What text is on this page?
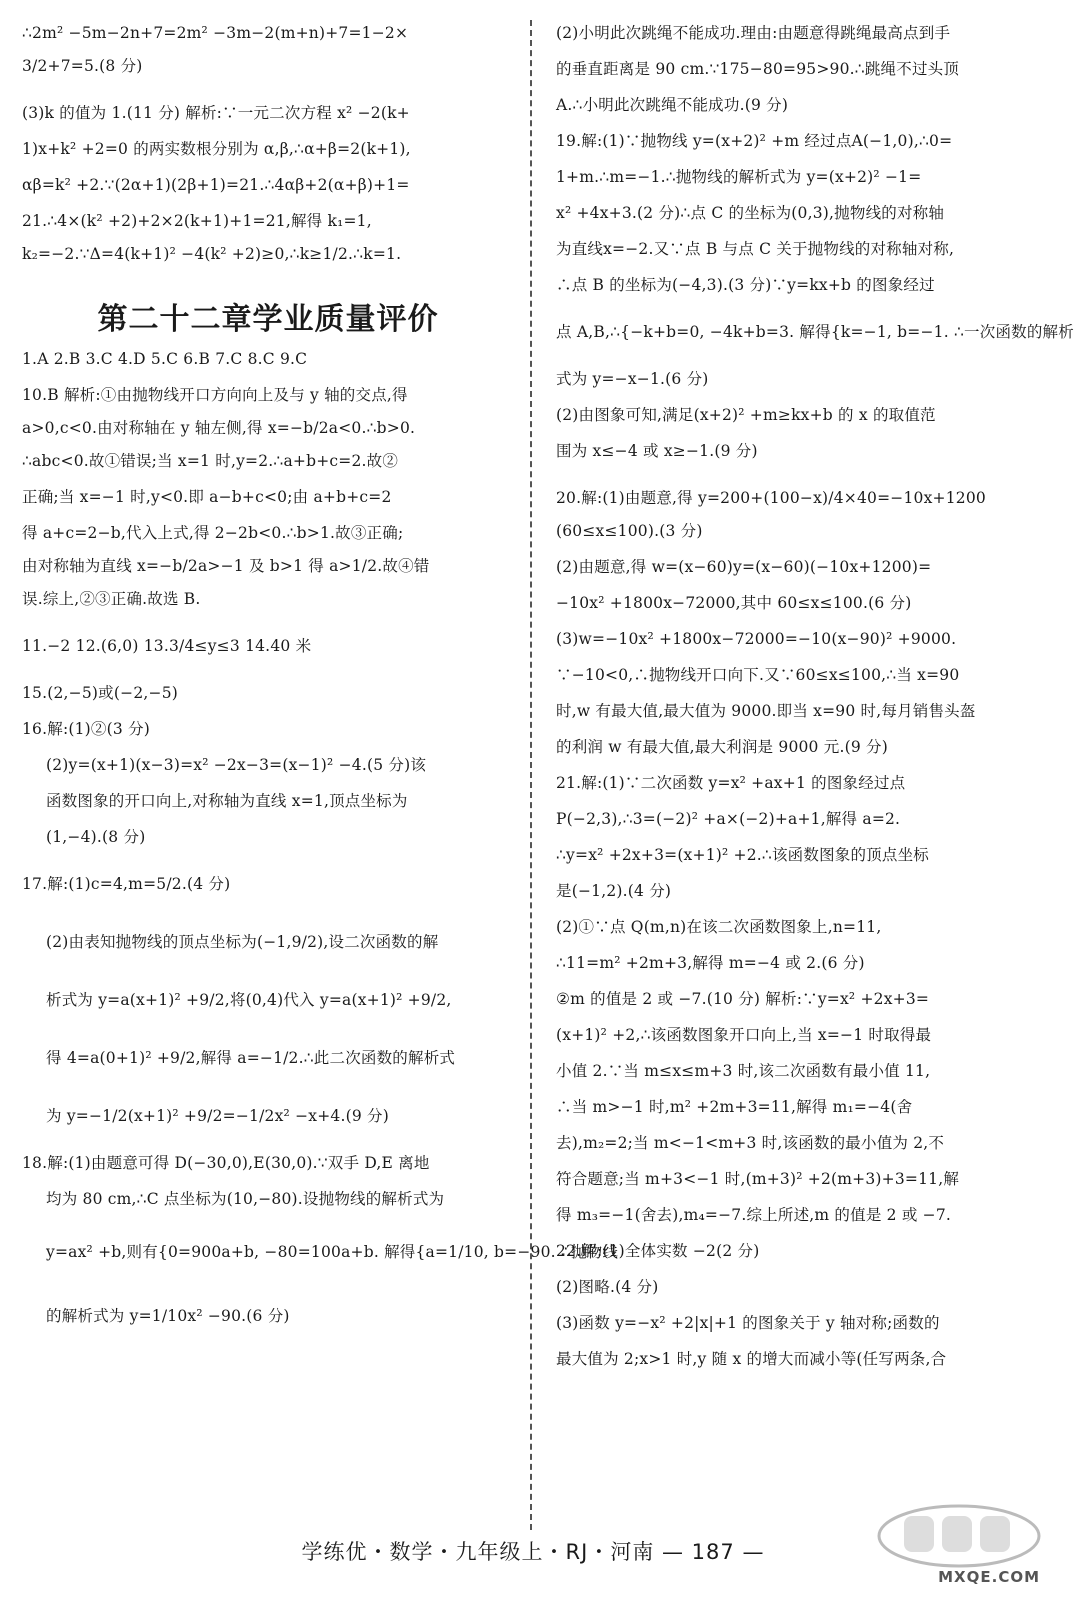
∴2m² −5m−2n+7=2m² −3m−2(m+n)+7=1−2×
3/2+7=5.(8 分)
(3)k 的值为 1.(11 分) 解析:∵一元二次方程 x² −2(k+
1)x+k² +2=0 的两实数根分别为 α,β,∴α+β=2(k+1),
αβ=k² +2.∵(2α+1)(2β+1)=21.∴4αβ+2(α+β)+1=
21.∴4×(k² +2)+2×2(k+1)+1=21,解得 k₁=1,
k₂=−2.∵Δ=4(k+1)² −4(k² +2)≥0,∴k≥1/2.∴k=1.
第二十二章学业质量评价
1.A 2.B 3.C 4.D 5.C 6.B 7.C 8.C 9.C
10.B 解析:①由抛物线开口方向向上及与 y 轴的交点,得
a>0,c<0.由对称轴在 y 轴左侧,得 x=−b/2a<0.∴b>0.
∴abc<0.故①错误;当 x=1 时,y=2.∴a+b+c=2.故②
正确;当 x=−1 时,y<0.即 a−b+c<0;由 a+b+c=2
得 a+c=2−b,代入上式,得 2−2b<0.∴b>1.故③正确;
由对称轴为直线 x=−b/2a>−1 及 b>1 得 a>1/2.故④错
误.综上,②③正确.故选 B.
11.−2 12.(6,0) 13.3/4≤y≤3 14.40 米
15.(2,−5)或(−2,−5)
16.解:(1)②(3 分)
(2)y=(x+1)(x−3)=x² −2x−3=(x−1)² −4.(5 分)该
函数图象的开口向上,对称轴为直线 x=1,顶点坐标为
(1,−4).(8 分)
17.解:(1)c=4,m=5/2.(4 分)
(2)由表知抛物线的顶点坐标为(−1,9/2),设二次函数的解
析式为 y=a(x+1)² +9/2,将(0,4)代入 y=a(x+1)² +9/2,
得 4=a(0+1)² +9/2,解得 a=−1/2.∴此二次函数的解析式
为 y=−1/2(x+1)² +9/2=−1/2x² −x+4.(9 分)
18.解:(1)由题意可得 D(−30,0),E(30,0).∵双手 D,E 离地
均为 80 cm,∴C 点坐标为(10,−80).设抛物线的解析式为
y=ax² +b,则有{0=900a+b, −80=100a+b. 解得{a=1/10, b=−90. ∴抛物线
的解析式为 y=1/10x² −90.(6 分)
(2)小明此次跳绳不能成功.理由:由题意得跳绳最高点到手
的垂直距离是 90 cm.∵175−80=95>90.∴跳绳不过头顶
A.∴小明此次跳绳不能成功.(9 分)
19.解:(1)∵抛物线 y=(x+2)² +m 经过点A(−1,0),∴0=
1+m.∴m=−1.∴抛物线的解析式为 y=(x+2)² −1=
x² +4x+3.(2 分)∴点 C 的坐标为(0,3),抛物线的对称轴
为直线x=−2.又∵点 B 与点 C 关于抛物线的对称轴对称,
∴点 B 的坐标为(−4,3).(3 分)∵y=kx+b 的图象经过
点 A,B,∴{−k+b=0, −4k+b=3. 解得{k=−1, b=−1. ∴一次函数的解析
式为 y=−x−1.(6 分)
(2)由图象可知,满足(x+2)² +m≥kx+b 的 x 的取值范
围为 x≤−4 或 x≥−1.(9 分)
20.解:(1)由题意,得 y=200+(100−x)/4×40=−10x+1200
(60≤x≤100).(3 分)
(2)由题意,得 w=(x−60)y=(x−60)(−10x+1200)=
−10x² +1800x−72000,其中 60≤x≤100.(6 分)
(3)w=−10x² +1800x−72000=−10(x−90)² +9000.
∵−10<0,∴抛物线开口向下.又∵60≤x≤100,∴当 x=90
时,w 有最大值,最大值为 9000.即当 x=90 时,每月销售头盔
的利润 w 有最大值,最大利润是 9000 元.(9 分)
21.解:(1)∵二次函数 y=x² +ax+1 的图象经过点
P(−2,3),∴3=(−2)² +a×(−2)+a+1,解得 a=2.
∴y=x² +2x+3=(x+1)² +2.∴该函数图象的顶点坐标
是(−1,2).(4 分)
(2)①∵点 Q(m,n)在该二次函数图象上,n=11,
∴11=m² +2m+3,解得 m=−4 或 2.(6 分)
②m 的值是 2 或 −7.(10 分) 解析:∵y=x² +2x+3=
(x+1)² +2,∴该函数图象开口向上,当 x=−1 时取得最
小值 2.∵当 m≤x≤m+3 时,该二次函数有最小值 11,
∴当 m>−1 时,m² +2m+3=11,解得 m₁=−4(舍
去),m₂=2;当 m<−1<m+3 时,该函数的最小值为 2,不
符合题意;当 m+3<−1 时,(m+3)² +2(m+3)+3=11,解
得 m₃=−1(舍去),m₄=−7.综上所述,m 的值是 2 或 −7.
22.解:(1)全体实数 −2(2 分)
(2)图略.(4 分)
(3)函数 y=−x² +2|x|+1 的图象关于 y 轴对称;函数的
最大值为 2;x>1 时,y 随 x 的增大而减小等(任写两条,合
学练优・数学・九年级上・RJ・河南 — 187 —
MXQE.COM
